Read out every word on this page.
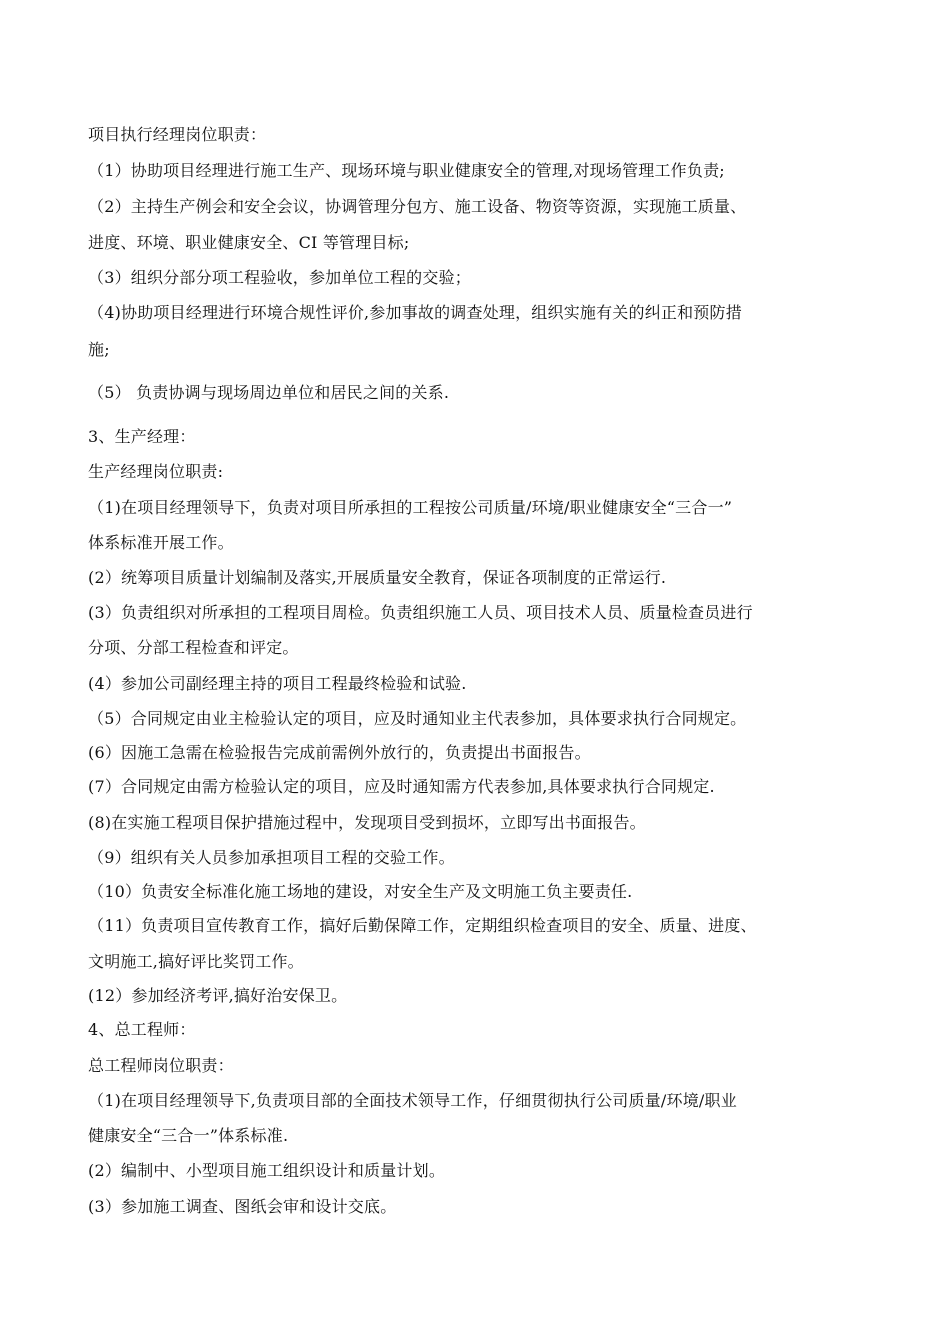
项目执行经理岗位职责：
（1）协助项目经理进行施工生产、现场环境与职业健康安全的管理,对现场管理工作负责;
（2）主持生产例会和安全会议，协调管理分包方、施工设备、物资等资源，实现施工质量、
进度、环境、职业健康安全、CI 等管理目标;
（3）组织分部分项工程验收，参加单位工程的交验；
（4)协助项目经理进行环境合规性评价,参加事故的调查处理，组织实施有关的纠正和预防措
施;
（5） 负责协调与现场周边单位和居民之间的关系.
3、生产经理：
生产经理岗位职责:
（1)在项目经理领导下，负责对项目所承担的工程按公司质量/环境/职业健康安全“三合一”
体系标准开展工作。
(2）统筹项目质量计划编制及落实,开展质量安全教育，保证各项制度的正常运行.
(3）负责组织对所承担的工程项目周检。负责组织施工人员、项目技术人员、质量检查员进行
分项、分部工程检查和评定。
(4）参加公司副经理主持的项目工程最终检验和试验.
（5）合同规定由业主检验认定的项目，应及时通知业主代表参加，具体要求执行合同规定。
(6）因施工急需在检验报告完成前需例外放行的，负责提出书面报告。
(7）合同规定由需方检验认定的项目，应及时通知需方代表参加,具体要求执行合同规定.
(8)在实施工程项目保护措施过程中，发现项目受到损坏，立即写出书面报告。
（9）组织有关人员参加承担项目工程的交验工作。
（10）负责安全标准化施工场地的建设，对安全生产及文明施工负主要责任.
（11）负责项目宣传教育工作，搞好后勤保障工作，定期组织检查项目的安全、质量、进度、
文明施工,搞好评比奖罚工作。
(12）参加经济考评,搞好治安保卫。
4、总工程师：
总工程师岗位职责：
（1)在项目经理领导下,负责项目部的全面技术领导工作，仔细贯彻执行公司质量/环境/职业
健康安全“三合一”体系标准.
(2）编制中、小型项目施工组织设计和质量计划。
(3）参加施工调查、图纸会审和设计交底。
